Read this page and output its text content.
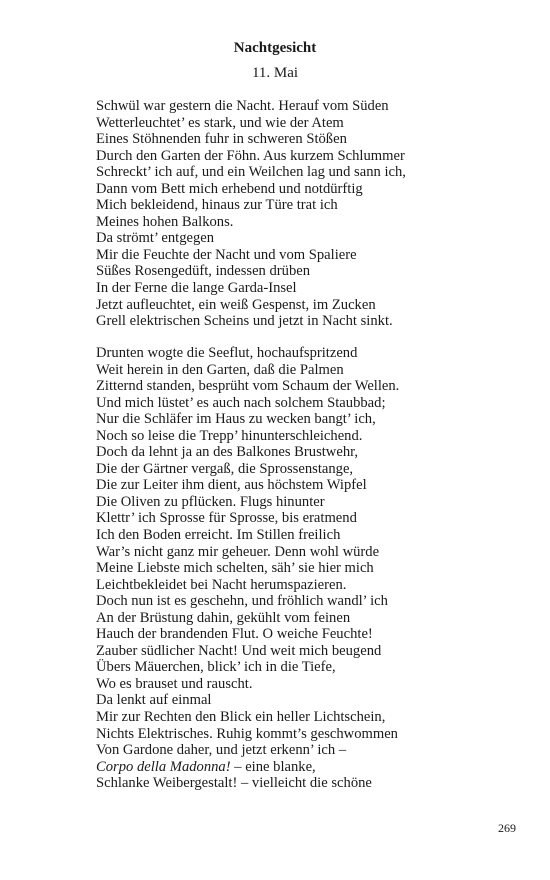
Nachtgesicht
11. Mai
Schwül war gestern die Nacht. Herauf vom Süden
Wetterleuchtet’ es stark, und wie der Atem
Eines Stöhnenden fuhr in schweren Stößen
Durch den Garten der Föhn. Aus kurzem Schlummer
Schreckt’ ich auf, und ein Weilchen lag und sann ich,
Dann vom Bett mich erhebend und notdürftig
Mich bekleidend, hinaus zur Türe trat ich
Meines hohen Balkons.
Da strömt’ entgegen
Mir die Feuchte der Nacht und vom Spaliere
Süßes Rosengedüft, indessen drüben
In der Ferne die lange Garda-Insel
Jetzt aufleuchtet, ein weiß Gespenst, im Zucken
Grell elektrischen Scheins und jetzt in Nacht sinkt.
Drunten wogte die Seeflut, hochaufspritzend
Weit herein in den Garten, daß die Palmen
Zitternd standen, besprüht vom Schaum der Wellen.
Und mich lüstet’ es auch nach solchem Staubbad;
Nur die Schläfer im Haus zu wecken bangt’ ich,
Noch so leise die Trepp’ hinunterschleichend.
Doch da lehnt ja an des Balkones Brustwehr,
Die der Gärtner vergaß, die Sprossenstange,
Die zur Leiter ihm dient, aus höchstem Wipfel
Die Oliven zu pflücken. Flugs hinunter
Klettr’ ich Sprosse für Sprosse, bis eratmend
Ich den Boden erreicht. Im Stillen freilich
War’s nicht ganz mir geheuer. Denn wohl würde
Meine Liebste mich schelten, säh’ sie hier mich
Leichtbekleidet bei Nacht herumspazieren.
Doch nun ist es geschehn, und fröhlich wandl’ ich
An der Brüstung dahin, gekühlt vom feinen
Hauch der brandenden Flut. O weiche Feuchte!
Zauber südlicher Nacht! Und weit mich beugend
Übers Mäuerchen, blick’ ich in die Tiefe,
Wo es brauset und rauscht.
Da lenkt auf einmal
Mir zur Rechten den Blick ein heller Lichtschein,
Nichts Elektrisches. Ruhig kommt’s geschwommen
Von Gardone daher, und jetzt erkenn’ ich –
Corpo della Madonna! – eine blanke,
Schlanke Weibergestalt! – vielleicht die schöne
269
